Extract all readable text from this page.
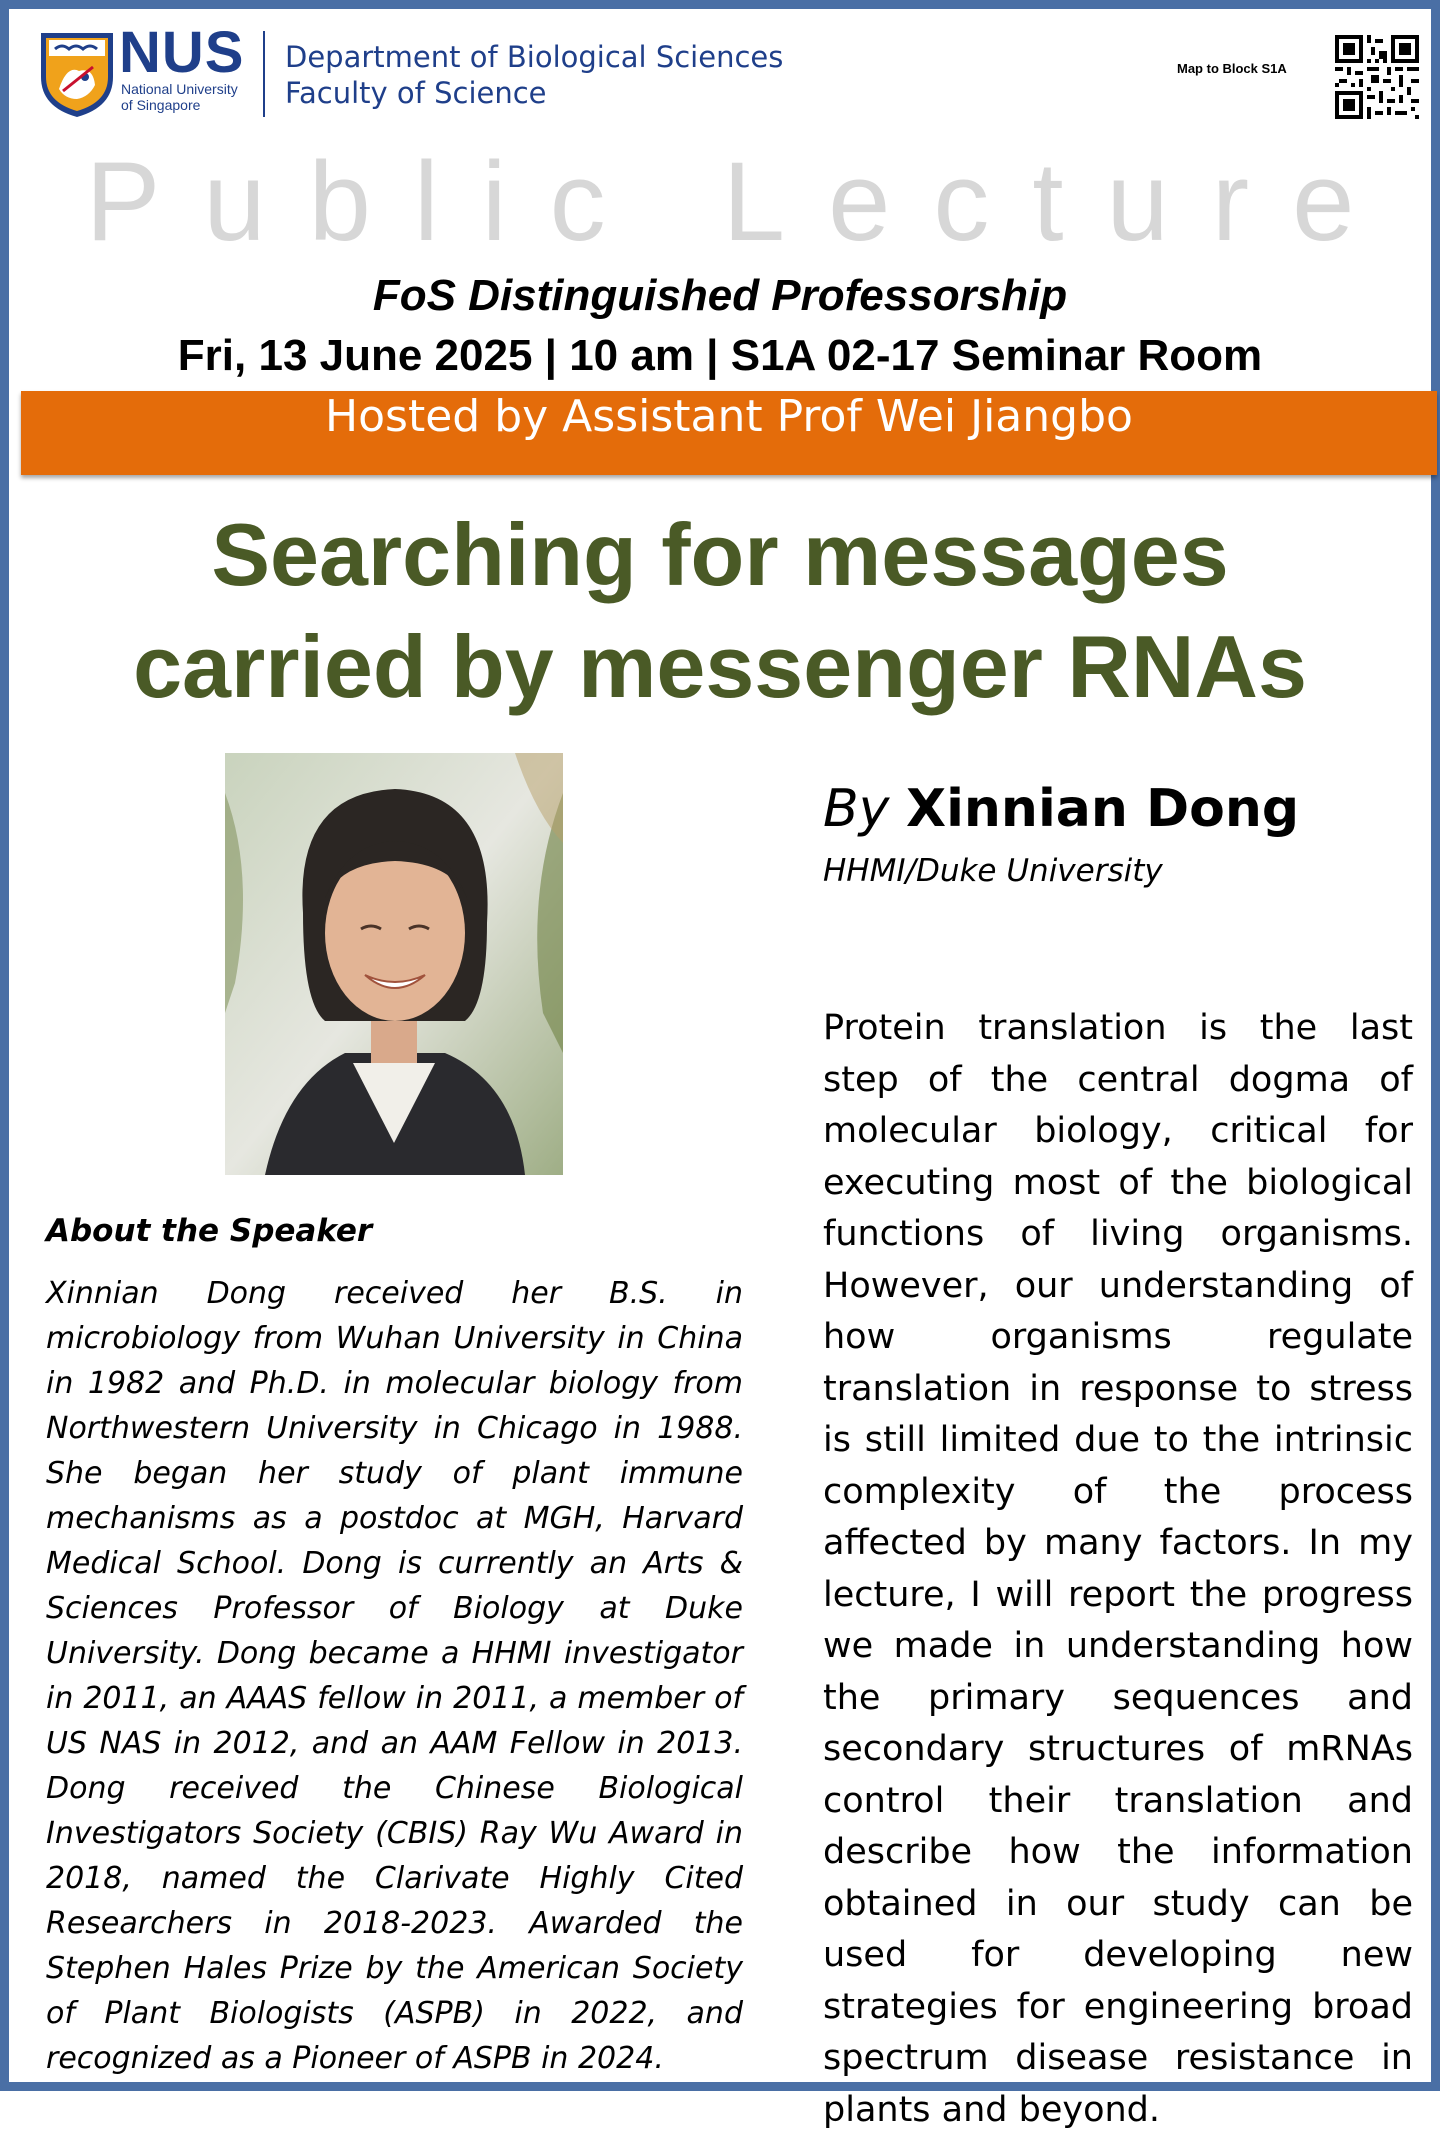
NUS
National University of Singapore
Department of Biological Sciences
Faculty of Science
Map to Block S1A
Public Lecture
FoS Distinguished Professorship
Fri, 13 June 2025 | 10 am | S1A 02-17 Seminar Room
Hosted by Assistant Prof Wei Jiangbo
Searching for messages
carried by messenger RNAs
By Xinnian Dong
HHMI/Duke University
About the Speaker

Xinnian Dong received her B.S. in microbiology from Wuhan University in China in 1982 and Ph.D. in molecular biology from Northwestern University in Chicago in 1988. She began her study of plant immune mechanisms as a postdoc at MGH, Harvard Medical School. Dong is currently an Arts & Sciences Professor of Biology at Duke University. Dong became a HHMI investigator in 2011, an AAAS fellow in 2011, a member of US NAS in 2012, and an AAM Fellow in 2013. Dong received the Chinese Biological Investigators Society (CBIS) Ray Wu Award in 2018, named the Clarivate Highly Cited Researchers in 2018-2023. Awarded the Stephen Hales Prize by the American Society of Plant Biologists (ASPB) in 2022, and recognized as a Pioneer of ASPB in 2024.

Protein translation is the last step of the central dogma of molecular biology, critical for executing most of the biological functions of living organisms. However, our understanding of how organisms regulate translation in response to stress is still limited due to the intrinsic complexity of the process affected by many factors. In my lecture, I will report the progress we made in understanding how the primary sequences and secondary structures of mRNAs control their translation and describe how the information obtained in our study can be used for developing new strategies for engineering broad spectrum disease resistance in plants and beyond.
